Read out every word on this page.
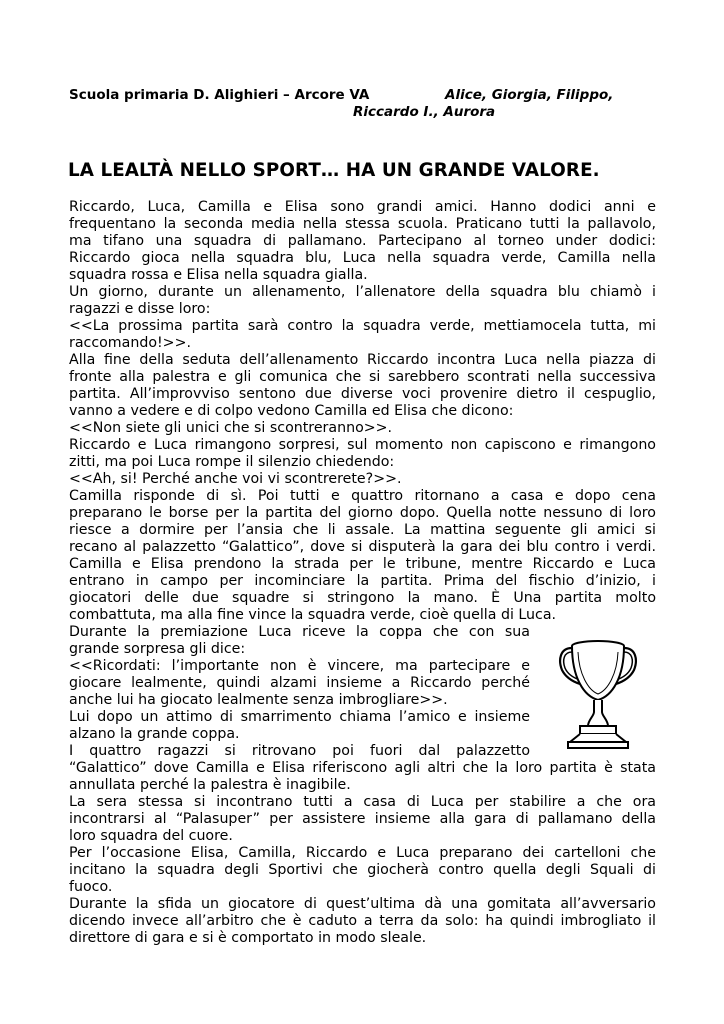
Scuola primaria D. Alighieri – Arcore VA	Alice, Giorgia, Filippo,
Riccardo I., Aurora
LA LEALTÀ NELLO SPORT… HA UN GRANDE VALORE.
Riccardo, Luca, Camilla e Elisa sono grandi amici. Hanno dodici anni e
frequentano la seconda media nella stessa scuola. Praticano tutti la pallavolo,
ma tifano una squadra di pallamano. Partecipano al torneo under dodici:
Riccardo gioca nella squadra blu, Luca nella squadra verde, Camilla nella
squadra rossa e Elisa nella squadra gialla.
Un giorno, durante un allenamento, l’allenatore della squadra blu chiamò i
ragazzi e disse loro:
<<La prossima partita sarà contro la squadra verde, mettiamocela tutta, mi
raccomando!>>.
Alla fine della seduta dell’allenamento Riccardo incontra Luca nella piazza di
fronte alla palestra e gli comunica che si sarebbero scontrati nella successiva
partita. All’improvviso sentono due diverse voci provenire dietro il cespuglio,
vanno a vedere e di colpo vedono Camilla ed Elisa che dicono:
<<Non siete gli unici che si scontreranno>>.
Riccardo e Luca rimangono sorpresi, sul momento non capiscono e rimangono
zitti, ma poi Luca rompe il silenzio chiedendo:
<<Ah, si! Perché anche voi vi scontrerete?>>.
Camilla risponde di sì. Poi tutti e quattro ritornano a casa e dopo cena
preparano le borse per la partita del giorno dopo. Quella notte nessuno di loro
riesce a dormire per l’ansia che li assale. La mattina seguente gli amici si
recano al palazzetto “Galattico”, dove si disputerà la gara dei blu contro i verdi.
Camilla e Elisa prendono la strada per le tribune, mentre Riccardo e Luca
entrano in campo per incominciare la partita. Prima del fischio d’inizio, i
giocatori delle due squadre si stringono la mano. È Una partita molto
combattuta, ma alla fine vince la squadra verde, cioè quella di Luca.
Durante la premiazione Luca riceve la coppa che con sua
grande sorpresa gli dice:
<<Ricordati: l’importante non è vincere, ma partecipare e
giocare lealmente, quindi alzami insieme a Riccardo perché
anche lui ha giocato lealmente senza imbrogliare>>.
Lui dopo un attimo di smarrimento chiama l’amico e insieme
alzano la grande coppa.
I quattro ragazzi si ritrovano poi fuori dal palazzetto
“Galattico” dove Camilla e Elisa riferiscono agli altri che la loro partita è stata
annullata perché la palestra è inagibile.
La sera stessa si incontrano tutti a casa di Luca per stabilire a che ora
incontrarsi al “Palasuper” per assistere insieme alla gara di pallamano della
loro squadra del cuore.
Per l’occasione Elisa, Camilla, Riccardo e Luca preparano dei cartelloni che
incitano la squadra degli Sportivi che giocherà contro quella degli Squali di
fuoco.
Durante la sfida un giocatore di quest’ultima dà una gomitata all’avversario
dicendo invece all’arbitro che è caduto a terra da solo: ha quindi imbrogliato il
direttore di gara e si è comportato in modo sleale.
